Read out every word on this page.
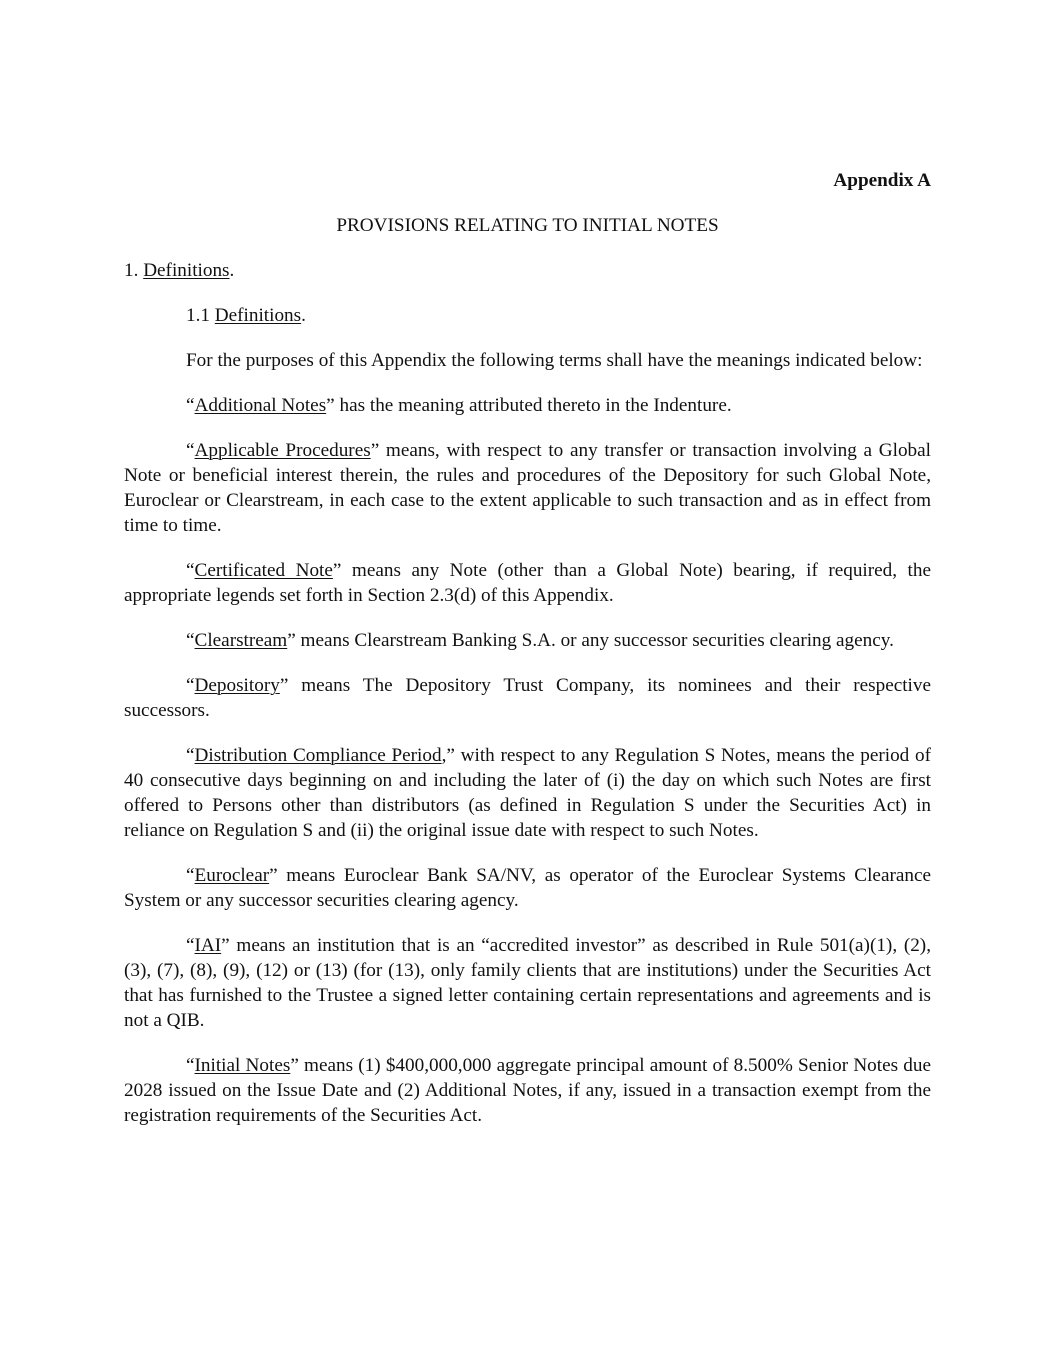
Appendix A

PROVISIONS RELATING TO INITIAL NOTES

1. Definitions.

1.1 Definitions.

For the purposes of this Appendix the following terms shall have the meanings indicated below:

“Additional Notes” has the meaning attributed thereto in the Indenture.

“Applicable Procedures” means, with respect to any transfer or transaction involving a Global Note or beneficial interest therein, the rules and procedures of the Depository for such Global Note, Euroclear or Clearstream, in each case to the extent applicable to such transaction and as in effect from time to time.

“Certificated Note” means any Note (other than a Global Note) bearing, if required, the appropriate legends set forth in Section 2.3(d) of this Appendix.

“Clearstream” means Clearstream Banking S.A. or any successor securities clearing agency.

“Depository” means The Depository Trust Company, its nominees and their respective successors.

“Distribution Compliance Period,” with respect to any Regulation S Notes, means the period of 40 consecutive days beginning on and including the later of (i) the day on which such Notes are first offered to Persons other than distributors (as defined in Regulation S under the Securities Act) in reliance on Regulation S and (ii) the original issue date with respect to such Notes.

“Euroclear” means Euroclear Bank SA/NV, as operator of the Euroclear Systems Clearance System or any successor securities clearing agency.

“IAI” means an institution that is an “accredited investor” as described in Rule 501(a)(1), (2), (3), (7), (8), (9), (12) or (13) (for (13), only family clients that are institutions) under the Securities Act that has furnished to the Trustee a signed letter containing certain representations and agreements and is not a QIB.

“Initial Notes” means (1) $400,000,000 aggregate principal amount of 8.500% Senior Notes due 2028 issued on the Issue Date and (2) Additional Notes, if any, issued in a transaction exempt from the registration requirements of the Securities Act.
